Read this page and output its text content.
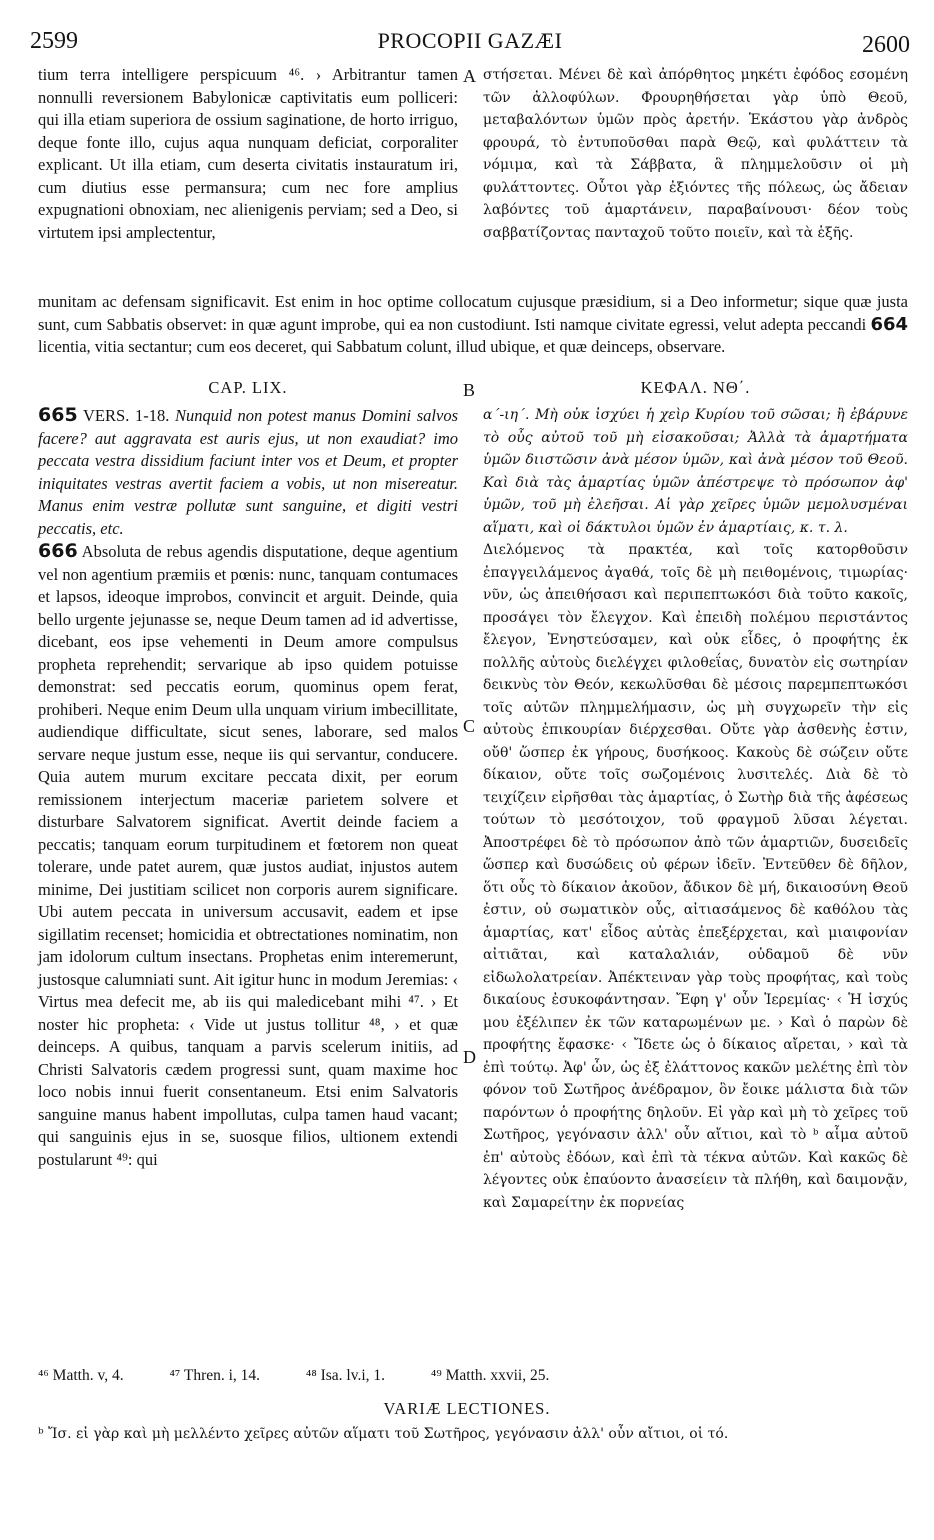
2599	PROCOPII GAZÆI	2600
A
B
C
D

tium terra intelligere perspicuum ⁴⁶. › Arbitrantur tamen nonnulli reversionem Babylonicæ captivitatis eum polliceri: qui illa etiam superiora de ossium saginatione, de horto irriguo, deque fonte illo, cujus aqua nunquam deficiat, corporaliter explicant. Ut illa etiam, cum deserta civitatis instauratum iri, cum diutius esse permansura; cum nec fore amplius expugnationi obnoxiam, nec alienigenis perviam; sed a Deo, si virtutem ipsi amplectentur,

στήσεται. Μένει δὲ καὶ ἀπόρθητος μηκέτι ἐφόδος εσομένη τῶν ἀλλοφύλων. Φρουρηθήσεται γὰρ ὑπὸ Θεοῦ, μεταβαλόντων ὑμῶν πρὸς ἀρετήν. Ἑκάστου γὰρ ἀνδρὸς φρουρά, τὸ ἐντυποῦσθαι παρὰ Θεῷ, καὶ φυλάττειν τὰ νόμιμα, καὶ τὰ Σάββατα, ἃ πλημμελοῦσιν οἱ μὴ φυλάττοντες. Οὗτοι γὰρ ἐξιόντες τῆς πόλεως, ὡς ἄδειαν λαβόντες τοῦ ἁμαρτάνειν, παραβαίνουσι· δέον τοὺς σαββατίζοντας πανταχοῦ τοῦτο ποιεῖν, καὶ τὰ ἑξῆς.

munitam ac defensam significavit. Est enim in hoc optime collocatum cujusque præsidium, si a Deo informetur; sique quæ justa sunt, cum Sabbatis observet: in quæ agunt improbe, qui ea non custodiunt. Isti namque civitate egressi, velut adepta peccandi 664 licentia, vitia sectantur; cum eos deceret, qui Sabbatum colunt, illud ubique, et quæ deinceps, observare.

CAP. LIX.	ΚΕΦΑΛ. ΝΘ΄.

665 VERS. 1-18. Nunquid non potest manus Domini salvos facere? aut aggravata est auris ejus, ut non exaudiat? imo peccata vestra dissidium faciunt inter vos et Deum, et propter iniquitates vestras avertit faciem a vobis, ut non misereatur. Manus enim vestræ pollutæ sunt sanguine, et digiti vestri peccatis, etc.

666 Absoluta de rebus agendis disputatione, deque agentium vel non agentium præmiis et pœnis: nunc, tanquam contumaces et lapsos, ideoque improbos, convincit et arguit. Deinde, quia bello urgente jejunasse se, neque Deum tamen ad id advertisse, dicebant, eos ipse vehementi in Deum amore compulsus propheta reprehendit; servarique ab ipso quidem potuisse demonstrat: sed peccatis eorum, quominus opem ferat, prohiberi. Neque enim Deum ulla unquam virium imbecillitate, audiendique difficultate, sicut senes, laborare, sed malos servare neque justum esse, neque iis qui servantur, conducere. Quia autem murum excitare peccata dixit, per eorum remissionem interjectum maceriæ parietem solvere et disturbare Salvatorem significat. Avertit deinde faciem a peccatis; tanquam eorum turpitudinem et fœtorem non queat tolerare, unde patet aurem, quæ justos audiat, injustos autem minime, Dei justitiam scilicet non corporis aurem significare. Ubi autem peccata in universum accusavit, eadem et ipse sigillatim recenset; homicidia et obtrectationes nominatim, non jam idolorum cultum insectans. Prophetas enim interemerunt, justosque calumniati sunt. Ait igitur hunc in modum Jeremias: ‹ Virtus mea defecit me, ab iis qui maledicebant mihi ⁴⁷. › Et noster hic propheta: ‹ Vide ut justus tollitur ⁴⁸, › et quæ deinceps. A quibus, tanquam a parvis scelerum initiis, ad Christi Salvatoris cædem progressi sunt, quam maxime hoc loco nobis innui fuerit consentaneum. Etsi enim Salvatoris sanguine manus habent impollutas, culpa tamen haud vacant; qui sanguinis ejus in se, suosque filios, ultionem extendi postularunt ⁴⁹: qui

α΄-ιη΄. Μὴ οὐκ ἰσχύει ἡ χεὶρ Κυρίου τοῦ σῶσαι; ἢ ἐβάρυνε τὸ οὖς αὐτοῦ τοῦ μὴ εἰσακοῦσαι; Ἀλλὰ τὰ ἁμαρτήματα ὑμῶν διιστῶσιν ἀνὰ μέσον ὑμῶν, καὶ ἀνὰ μέσον τοῦ Θεοῦ. Καὶ διὰ τὰς ἁμαρτίας ὑμῶν ἀπέστρεψε τὸ πρόσωπον ἀφ' ὑμῶν, τοῦ μὴ ἐλεῆσαι. Αἱ γὰρ χεῖρες ὑμῶν μεμολυσμέναι αἵματι, καὶ οἱ δάκτυλοι ὑμῶν ἐν ἁμαρτίαις, κ. τ. λ.

Διελόμενος τὰ πρακτέα, καὶ τοῖς κατορθοῦσιν ἐπαγγειλάμενος ἀγαθά, τοῖς δὲ μὴ πειθομένοις, τιμωρίας· νῦν, ὡς ἀπειθήσασι καὶ περιπεπτωκόσι διὰ τοῦτο κακοῖς, προσάγει τὸν ἔλεγχον. Καὶ ἐπειδὴ πολέμου περιστάντος ἔλεγον, Ἐνηστεύσαμεν, καὶ οὐκ εἶδες, ὁ προφήτης ἐκ πολλῆς αὐτοὺς διελέγχει φιλοθεΐας, δυνατὸν εἰς σωτηρίαν δεικνὺς τὸν Θεόν, κεκωλῦσθαι δὲ μέσοις παρεμπεπτωκόσι τοῖς αὐτῶν πλημμελήμασιν, ὡς μὴ συγχωρεῖν τὴν εἰς αὐτοὺς ἐπικουρίαν διέρχεσθαι. Οὔτε γὰρ ἀσθενὴς ἐστιν, οὔθ' ὥσπερ ἐκ γήρους, δυσήκοος. Κακοὺς δὲ σώζειν οὔτε δίκαιον, οὔτε τοῖς σωζομένοις λυσιτελές. Διὰ δὲ τὸ τειχίζειν εἰρῆσθαι τὰς ἁμαρτίας, ὁ Σωτὴρ διὰ τῆς ἀφέσεως τούτων τὸ μεσότοιχον, τοῦ φραγμοῦ λῦσαι λέγεται. Ἀποστρέφει δὲ τὸ πρόσωπον ἀπὸ τῶν ἁμαρτιῶν, δυσειδεῖς ὥσπερ καὶ δυσώδεις οὐ φέρων ἰδεῖν. Ἐντεῦθεν δὲ δῆλον, ὅτι οὖς τὸ δίκαιον ἀκοῦον, ἄδικον δὲ μή, δικαιοσύνη Θεοῦ ἐστιν, οὐ σωματικὸν οὖς, αἰτιασάμενος δὲ καθόλου τὰς ἁμαρτίας, κατ' εἶδος αὐτὰς ἐπεξέρχεται, καὶ μιαιφονίαν αἰτιᾶται, καὶ καταλαλιάν, οὐδαμοῦ δὲ νῦν εἰδωλολατρείαν. Ἀπέκτειναν γὰρ τοὺς προφήτας, καὶ τοὺς δικαίους ἐσυκοφάντησαν. Ἔφη γ' οὖν Ἱερεμίας· ‹ Ἡ ἰσχύς μου ἐξέλιπεν ἐκ τῶν καταρωμένων με. › Καὶ ὁ παρὼν δὲ προφήτης ἔφασκε· ‹ Ἴδετε ὡς ὁ δίκαιος αἴρεται, › καὶ τὰ ἐπὶ τούτῳ. Ἀφ' ὧν, ὡς ἐξ ἐλάττονος κακῶν μελέτης ἐπὶ τὸν φόνον τοῦ Σωτῆρος ἀνέδραμον, ὃν ἔοικε μάλιστα διὰ τῶν παρόντων ὁ προφήτης δηλοῦν. Εἰ γὰρ καὶ μὴ τὸ χεῖρες τοῦ Σωτῆρος, γεγόνασιν ἀλλ' οὖν αἴτιοι, καὶ τὸ ᵇ αἷμα αὐτοῦ ἐπ' αὐτοὺς ἐδόων, καὶ ἐπὶ τὰ τέκνα αὐτῶν. Καὶ κακῶς δὲ λέγοντες οὐκ ἐπαύοντο ἀνασείειν τὰ πλήθη, καὶ δαιμονᾷν, καὶ Σαμαρείτην ἐκ πορνείας

⁴⁶ Matth. v, 4.	⁴⁷ Thren. i, 14.	⁴⁸ Isa. lv.i, 1.	⁴⁹ Matth. xxvii, 25.
VARIÆ LECTIONES.
ᵇ Ἴσ. εἰ γὰρ καὶ μὴ μελλέντο χεῖρες αὐτῶν αἵματι τοῦ Σωτῆρος, γεγόνασιν ἀλλ' οὖν αἴτιοι, οἱ τό.
